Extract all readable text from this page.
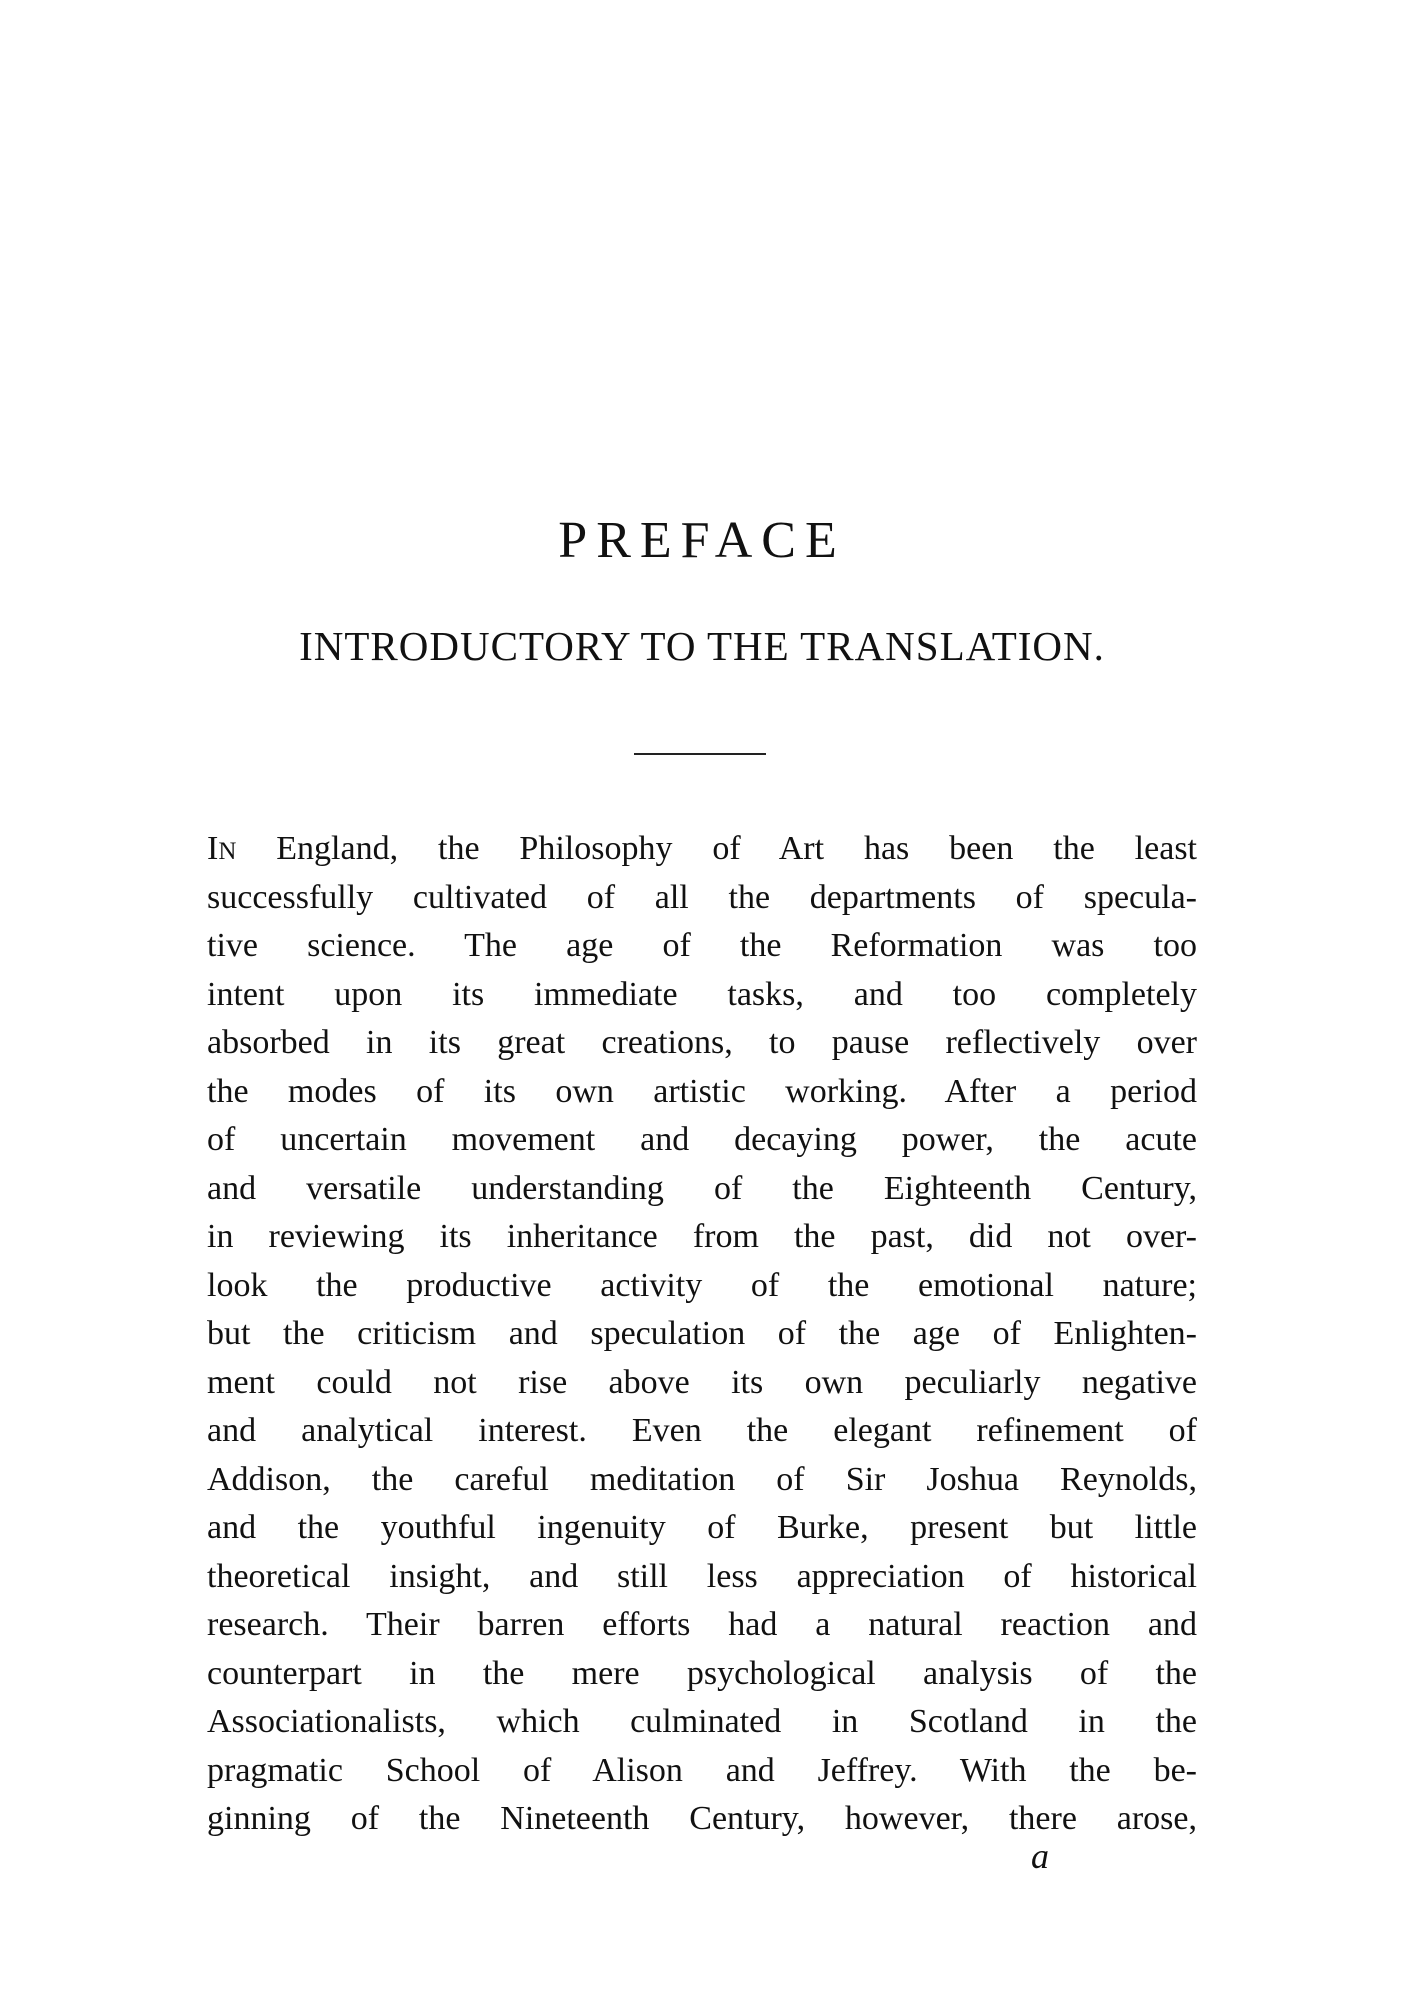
PREFACE
INTRODUCTORY TO THE TRANSLATION.
IN England, the Philosophy of Art has been the least
successfully cultivated of all the departments of specula-
tive science. The age of the Reformation was too
intent upon its immediate tasks, and too completely
absorbed in its great creations, to pause reflectively over
the modes of its own artistic working. After a period
of uncertain movement and decaying power, the acute
and versatile understanding of the Eighteenth Century,
in reviewing its inheritance from the past, did not over-
look the productive activity of the emotional nature;
but the criticism and speculation of the age of Enlighten-
ment could not rise above its own peculiarly negative
and analytical interest. Even the elegant refinement of
Addison, the careful meditation of Sir Joshua Reynolds,
and the youthful ingenuity of Burke, present but little
theoretical insight, and still less appreciation of historical
research. Their barren efforts had a natural reaction and
counterpart in the mere psychological analysis of the
Associationalists, which culminated in Scotland in the
pragmatic School of Alison and Jeffrey. With the be-
ginning of the Nineteenth Century, however, there arose,
a
